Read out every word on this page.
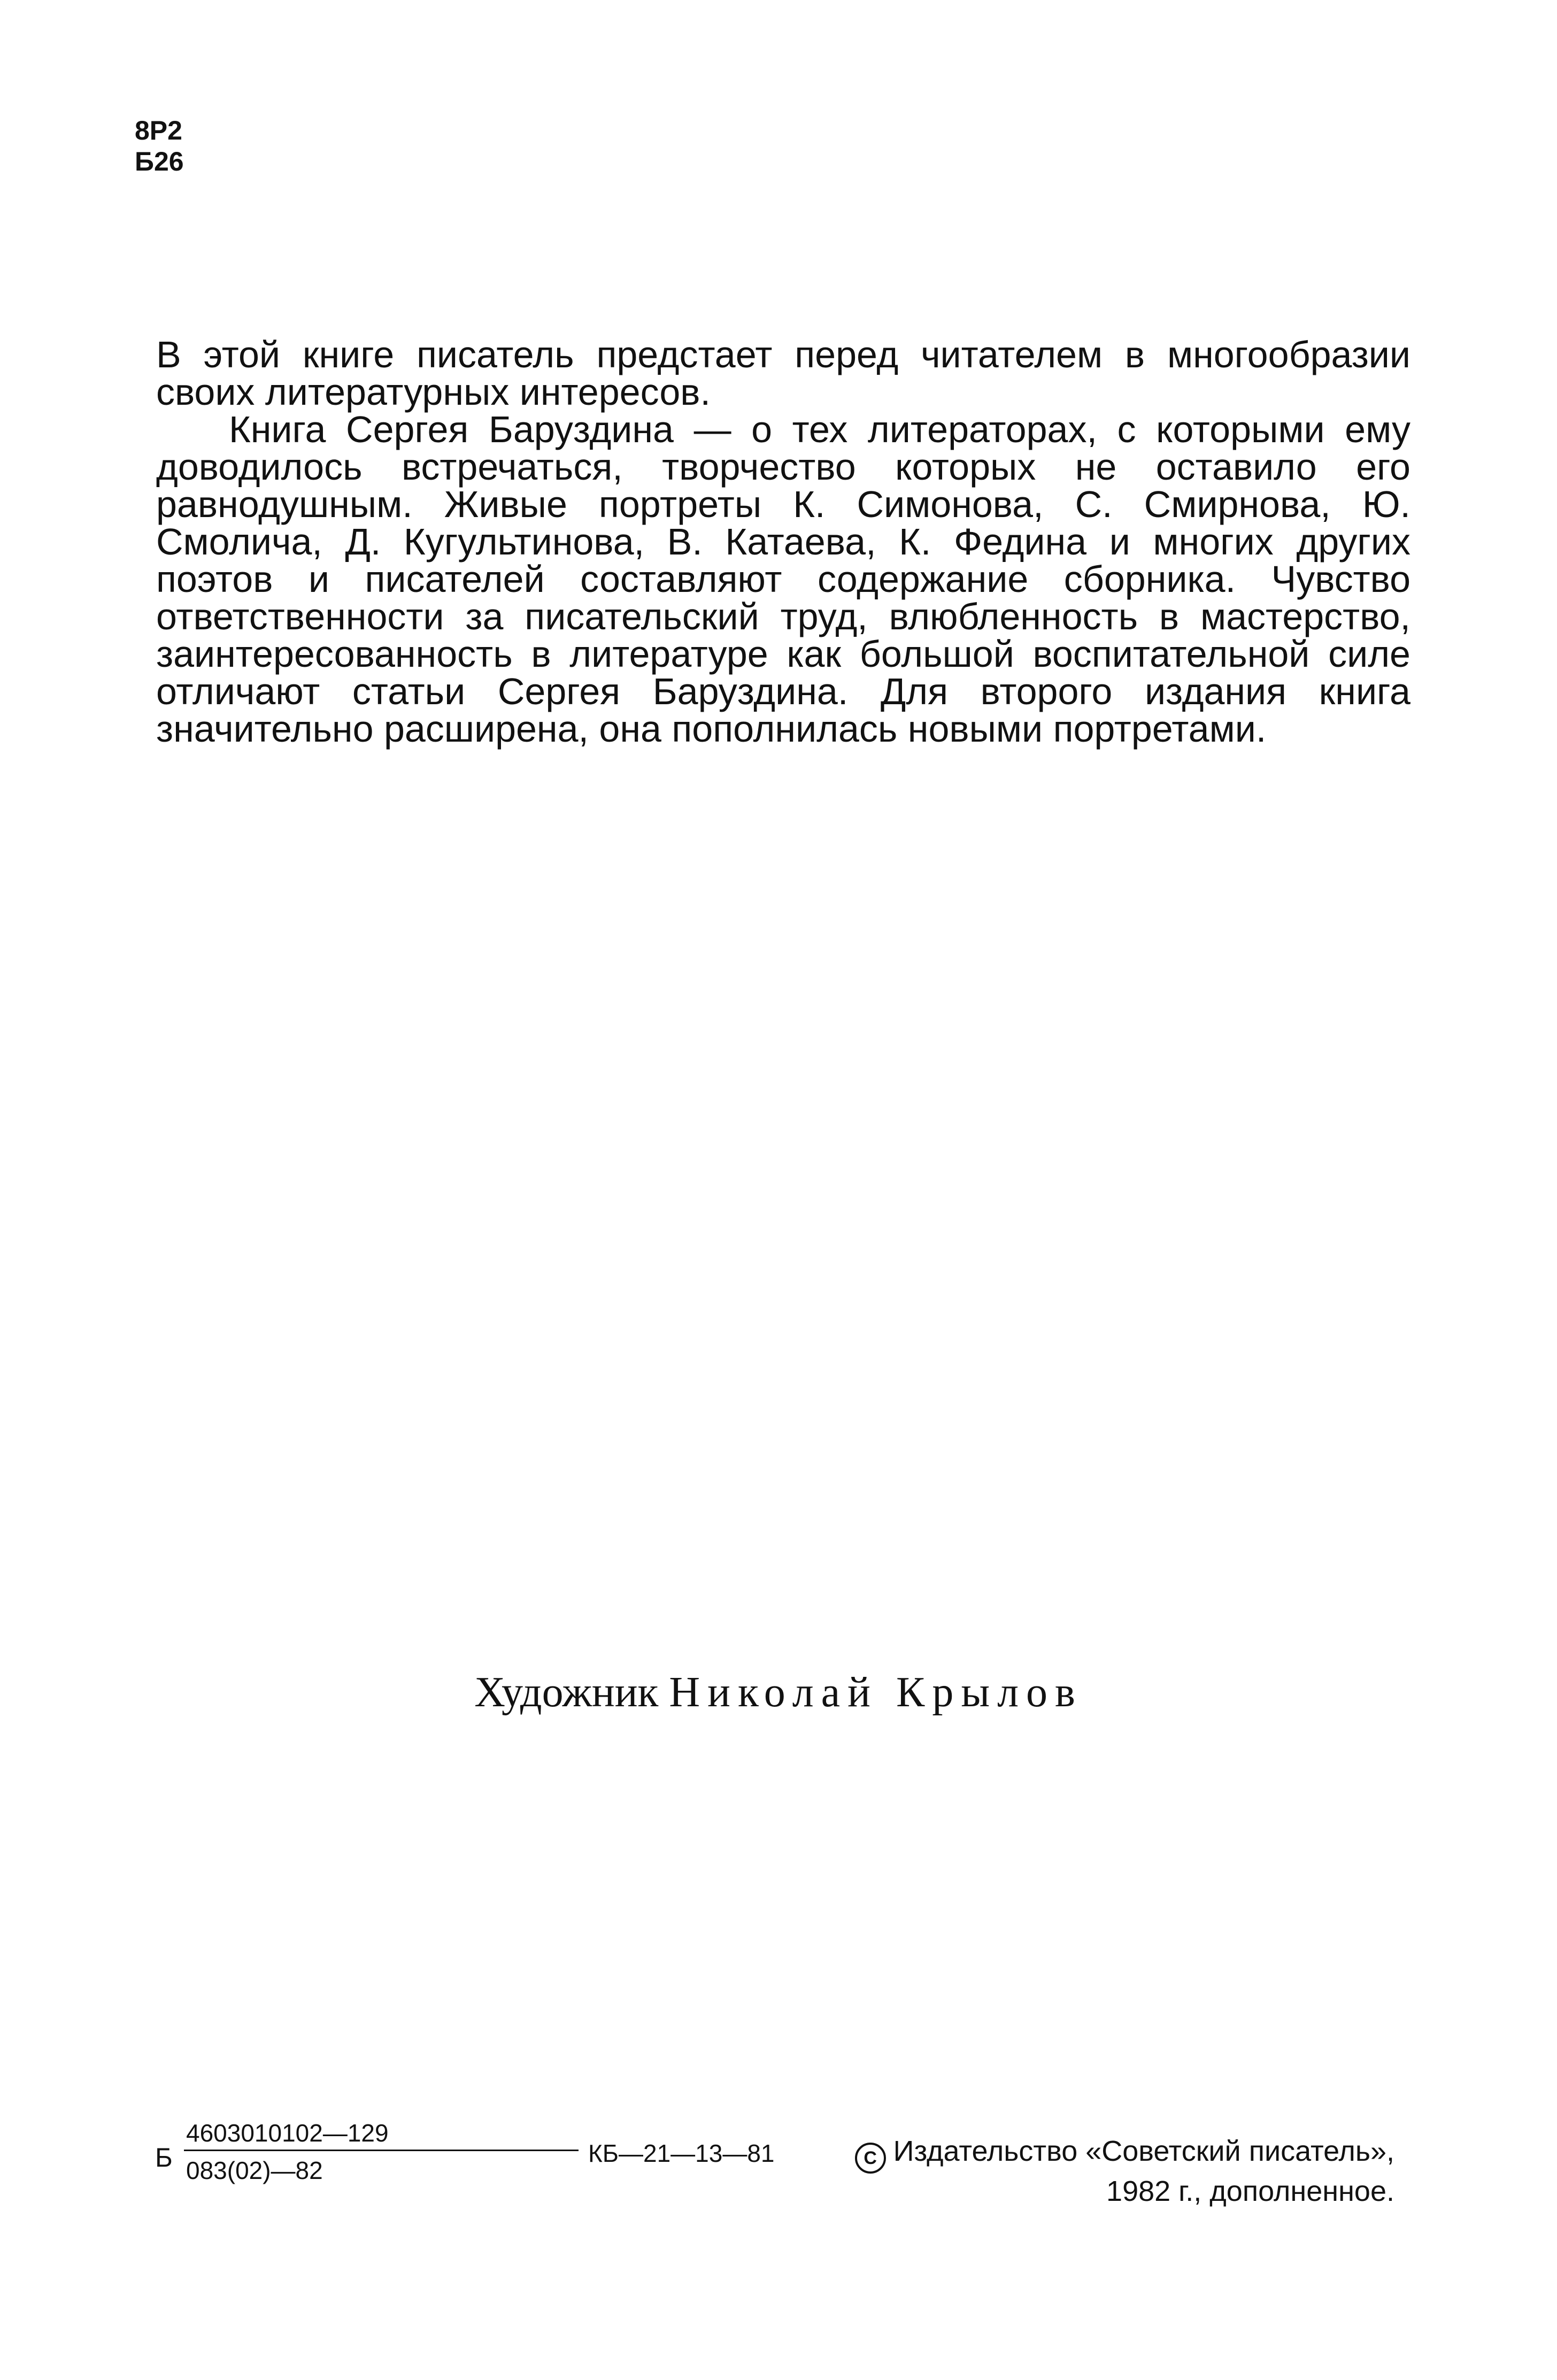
8Р2
Б26

В этой книге писатель предстает перед читателем в многообразии своих литературных интересов.

Книга Сергея Баруздина — о тех литераторах, с которыми ему доводилось встречаться, творчество которых не оставило его равнодушным. Живые портреты К. Симонова, С. Смирнова, Ю. Смолича, Д. Кугультинова, В. Катаева, К. Федина и многих других поэтов и писателей составляют содержание сборника. Чувство ответственности за писательский труд, влюбленность в мастерство, заинтересованность в литературе как большой воспитательной силе отличают статьи Сергея Баруздина. Для второго издания книга значительно расширена, она пополнилась новыми портретами.

Художник Николай Крылов
Б
4603010102—129
083(02)—82
КБ—21—13—81	C Издательство «Советский писатель»,
1982 г., дополненное.
